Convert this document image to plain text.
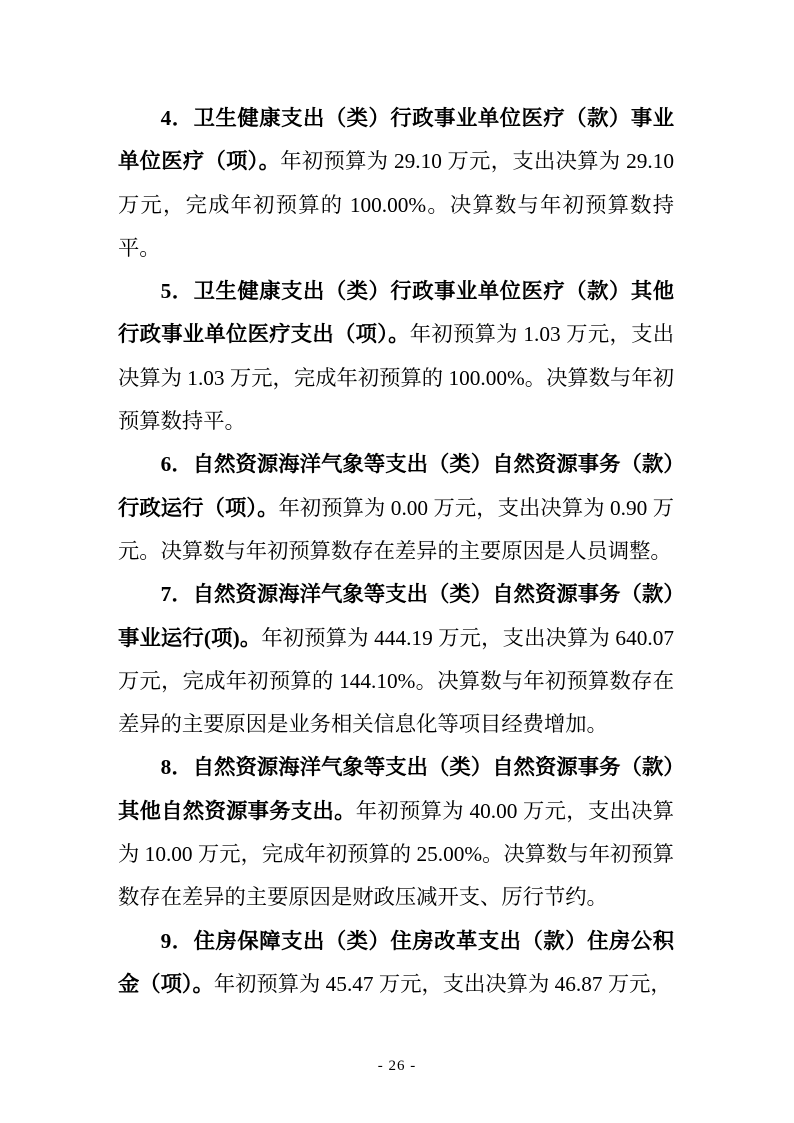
4．卫生健康支出（类）行政事业单位医疗（款）事业单位医疗（项）。年初预算为 29.10 万元，支出决算为 29.10 万元，完成年初预算的 100.00%。决算数与年初预算数持平。

5．卫生健康支出（类）行政事业单位医疗（款）其他行政事业单位医疗支出（项）。年初预算为 1.03 万元，支出决算为 1.03 万元，完成年初预算的 100.00%。决算数与年初预算数持平。

6．自然资源海洋气象等支出（类）自然资源事务（款）行政运行（项）。年初预算为 0.00 万元，支出决算为 0.90 万元。决算数与年初预算数存在差异的主要原因是人员调整。

7．自然资源海洋气象等支出（类）自然资源事务（款）事业运行(项)。年初预算为 444.19 万元，支出决算为 640.07 万元，完成年初预算的 144.10%。决算数与年初预算数存在差异的主要原因是业务相关信息化等项目经费增加。

8．自然资源海洋气象等支出（类）自然资源事务（款）其他自然资源事务支出。年初预算为 40.00 万元，支出决算为 10.00 万元，完成年初预算的 25.00%。决算数与年初预算数存在差异的主要原因是财政压减开支、厉行节约。

9．住房保障支出（类）住房改革支出（款）住房公积金（项）。年初预算为 45.47 万元，支出决算为 46.87 万元，

- 26 -
